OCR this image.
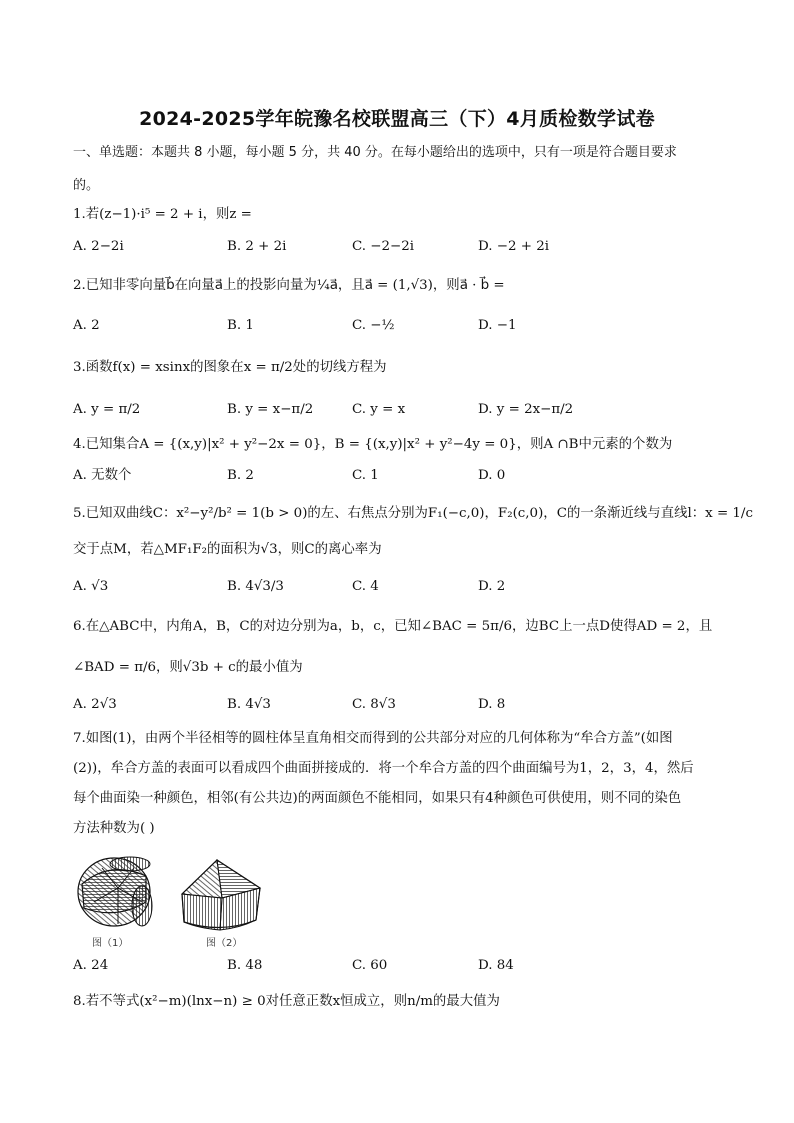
2024-2025学年皖豫名校联盟高三（下）4月质检数学试卷
一、单选题：本题共 8 小题，每小题 5 分，共 40 分。在每小题给出的选项中，只有一项是符合题目要求
的。
1.若(z−1)·i⁵ = 2 + i，则z =
A. 2−2i	B. 2 + 2i	C. −2−2i	D. −2 + 2i
2.已知非零向量b⃗在向量a⃗上的投影向量为¼a⃗，且a⃗ = (1,√3)，则a⃗ · b⃗ =
A. 2	B. 1	C. −½	D. −1
3.函数f(x) = xsinx的图象在x = π/2处的切线方程为
A. y = π/2	B. y = x−π/2	C. y = x	D. y = 2x−π/2
4.已知集合A = {(x,y)|x² + y²−2x = 0}，B = {(x,y)|x² + y²−4y = 0}，则A ∩B中元素的个数为
A. 无数个	B. 2	C. 1	D. 0
5.已知双曲线C：x²−y²/b² = 1(b > 0)的左、右焦点分别为F₁(−c,0)，F₂(c,0)，C的一条渐近线与直线l：x = 1/c
交于点M，若△MF₁F₂的面积为√3，则C的离心率为
A. √3	B. 4√3/3	C. 4	D. 2
6.在△ABC中，内角A，B，C的对边分别为a，b，c，已知∠BAC = 5π/6，边BC上一点D使得AD = 2，且
∠BAD = π/6，则√3b + c的最小值为
A. 2√3	B. 4√3	C. 8√3	D. 8
7.如图(1)，由两个半径相等的圆柱体呈直角相交而得到的公共部分对应的几何体称为“牟合方盖”(如图
(2))，牟合方盖的表面可以看成四个曲面拼接成的．将一个牟合方盖的四个曲面编号为1，2，3，4，然后
每个曲面染一种颜色，相邻(有公共边)的两面颜色不能相同，如果只有4种颜色可供使用，则不同的染色
方法种数为( )
图（1）	图（2）
A. 24	B. 48	C. 60	D. 84
8.若不等式(x²−m)(lnx−n) ≥ 0对任意正数x恒成立，则n/m的最大值为
